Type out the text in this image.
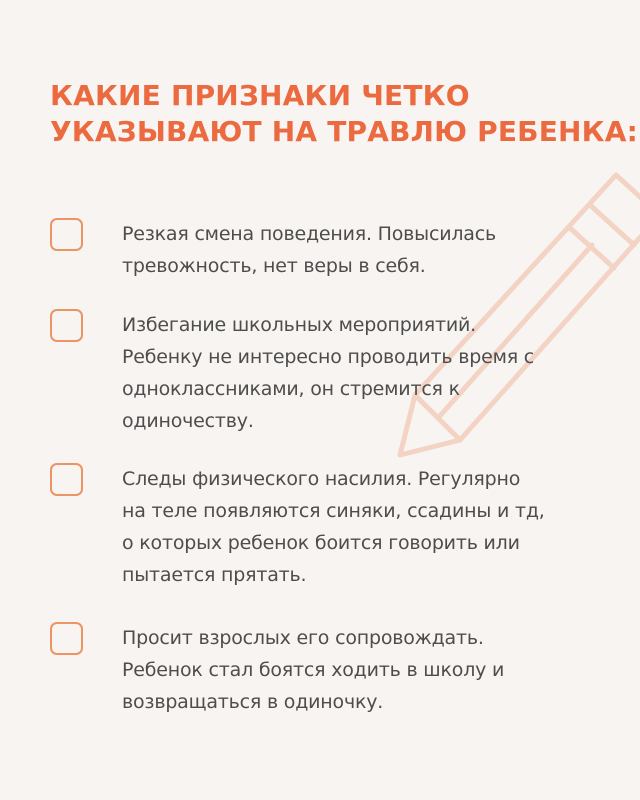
КАКИЕ ПРИЗНАКИ ЧЕТКО
УКАЗЫВАЮТ НА ТРАВЛЮ РЕБЕНКА:

Резкая смена поведения. Повысилась
тревожность, нет веры в себя.

Избегание школьных мероприятий.
Ребенку не интересно проводить время с
одноклассниками, он стремится к
одиночеству.

Следы физического насилия. Регулярно
на теле появляются синяки, ссадины и тд,
о которых ребенок боится говорить или
пытается прятать.

Просит взрослых его сопровождать.
Ребенок стал боятся ходить в школу и
возвращаться в одиночку.
